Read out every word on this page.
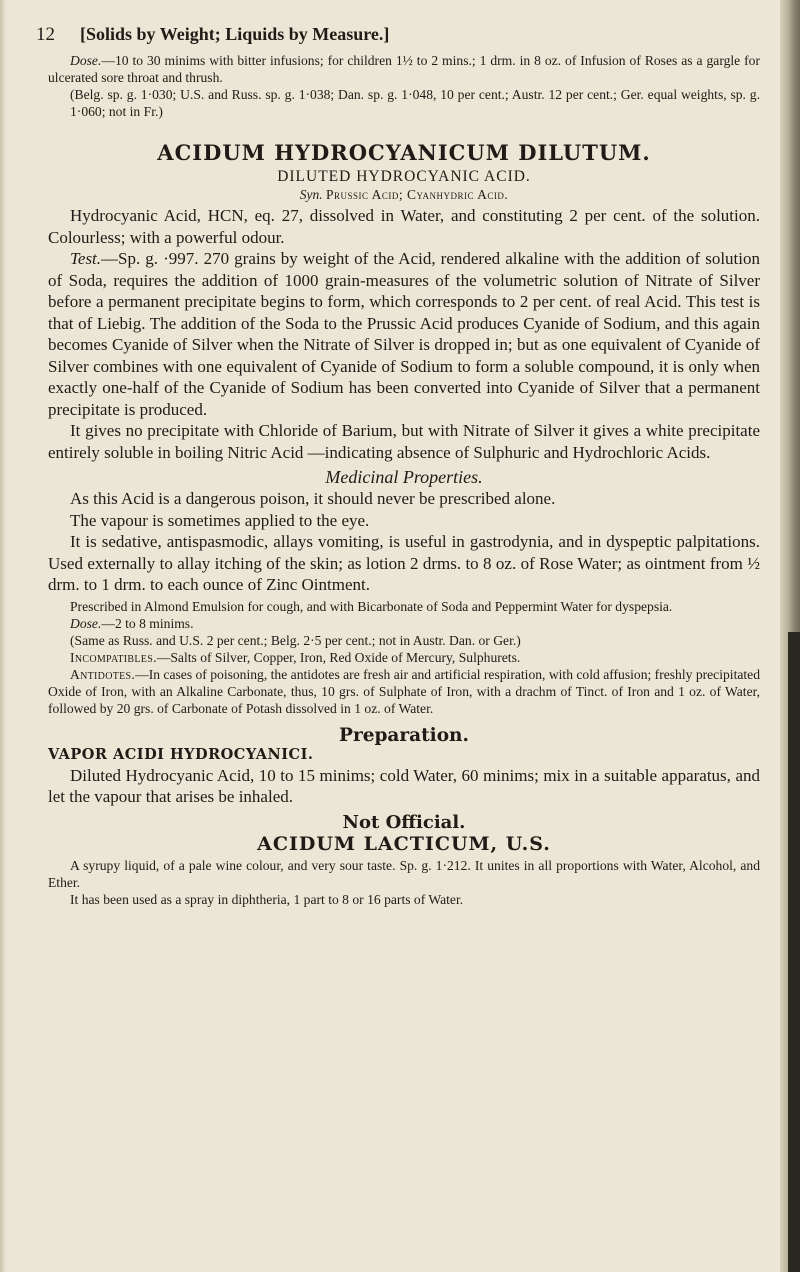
12 [Solids by Weight; Liquids by Measure.]

Dose.—10 to 30 minims with bitter infusions; for children 1½ to 2 mins.; 1 drm. in 8 oz. of Infusion of Roses as a gargle for ulcerated sore throat and thrush.

(Belg. sp. g. 1·030; U.S. and Russ. sp. g. 1·038; Dan. sp. g. 1·048, 10 per cent.; Austr. 12 per cent.; Ger. equal weights, sp. g. 1·060; not in Fr.)

ACIDUM HYDROCYANICUM DILUTUM.
DILUTED HYDROCYANIC ACID.
Syn. Prussic Acid; Cyanhydric Acid.

Hydrocyanic Acid, HCN, eq. 27, dissolved in Water, and constituting 2 per cent. of the solution. Colourless; with a powerful odour.

Test.—Sp. g. ·997. 270 grains by weight of the Acid, rendered alkaline with the addition of solution of Soda, requires the addition of 1000 grain-measures of the volumetric solution of Nitrate of Silver before a permanent precipitate begins to form, which corresponds to 2 per cent. of real Acid. This test is that of Liebig. The addition of the Soda to the Prussic Acid produces Cyanide of Sodium, and this again becomes Cyanide of Silver when the Nitrate of Silver is dropped in; but as one equivalent of Cyanide of Silver combines with one equivalent of Cyanide of Sodium to form a soluble compound, it is only when exactly one-half of the Cyanide of Sodium has been converted into Cyanide of Silver that a permanent precipitate is produced.

It gives no precipitate with Chloride of Barium, but with Nitrate of Silver it gives a white precipitate entirely soluble in boiling Nitric Acid —indicating absence of Sulphuric and Hydrochloric Acids.

Medicinal Properties.

As this Acid is a dangerous poison, it should never be prescribed alone.

The vapour is sometimes applied to the eye.

It is sedative, antispasmodic, allays vomiting, is useful in gastrodynia, and in dyspeptic palpitations. Used externally to allay itching of the skin; as lotion 2 drms. to 8 oz. of Rose Water; as ointment from ½ drm. to 1 drm. to each ounce of Zinc Ointment.

Prescribed in Almond Emulsion for cough, and with Bicarbonate of Soda and Peppermint Water for dyspepsia.

Dose.—2 to 8 minims.

(Same as Russ. and U.S. 2 per cent.; Belg. 2·5 per cent.; not in Austr. Dan. or Ger.)

Incompatibles.—Salts of Silver, Copper, Iron, Red Oxide of Mercury, Sulphurets.

Antidotes.—In cases of poisoning, the antidotes are fresh air and artificial respiration, with cold affusion; freshly precipitated Oxide of Iron, with an Alkaline Carbonate, thus, 10 grs. of Sulphate of Iron, with a drachm of Tinct. of Iron and 1 oz. of Water, followed by 20 grs. of Carbonate of Potash dissolved in 1 oz. of Water.

Preparation.
VAPOR ACIDI HYDROCYANICI.

Diluted Hydrocyanic Acid, 10 to 15 minims; cold Water, 60 minims; mix in a suitable apparatus, and let the vapour that arises be inhaled.

Not Official.
ACIDUM LACTICUM, U.S.

A syrupy liquid, of a pale wine colour, and very sour taste. Sp. g. 1·212. It unites in all proportions with Water, Alcohol, and Ether.

It has been used as a spray in diphtheria, 1 part to 8 or 16 parts of Water.
